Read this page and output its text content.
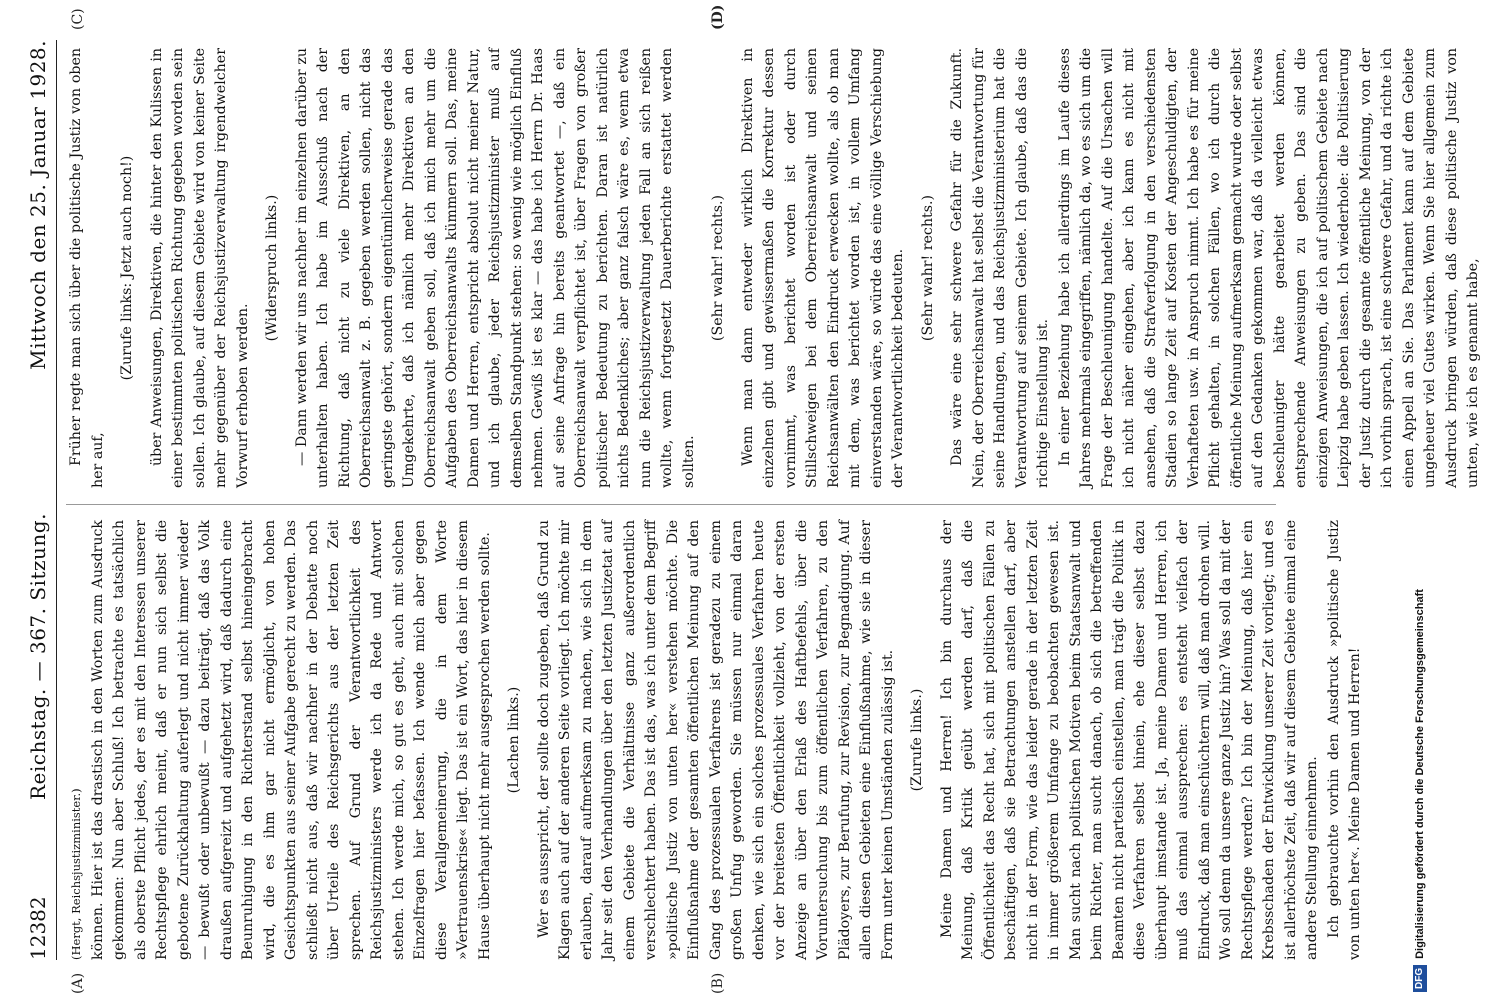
12382
Reichstag. — 367. Sitzung.
Mittwoch den 25. Januar 1928.
(A)	(B)
(C)	(D)

(Hergt, Reichsjustizminister.) können. Hier ist das drastisch in den Worten zum Ausdruck gekommen: Nun aber Schluß! Ich betrachte es tatsächlich als oberste Pflicht jedes, der es mit den Interessen unserer Rechtspflege ehrlich meint, daß er nun sich selbst die gebotene Zurückhaltung auferlegt und nicht immer wieder — bewußt oder unbewußt — dazu beiträgt, daß das Volk draußen aufgereizt und aufgehetzt wird, daß dadurch eine Beunruhigung in den Richterstand selbst hineingebracht wird, die es ihm gar nicht ermöglicht, von hohen Gesichtspunkten aus seiner Aufgabe gerecht zu werden. Das schließt nicht aus, daß wir nachher in der Debatte noch über Urteile des Reichsgerichts aus der letzten Zeit sprechen. Auf Grund der Verantwortlichkeit des Reichsjustizministers werde ich da Rede und Antwort stehen. Ich werde mich, so gut es geht, auch mit solchen Einzelfragen hier befassen. Ich wende mich aber gegen diese Verallgemeinerung, die in dem Worte »Vertrauenskrise« liegt. Das ist ein Wort, das hier in diesem Hause überhaupt nicht mehr ausgesprochen werden sollte. (Lachen links.) Wer es ausspricht, der sollte doch zugeben, daß Grund zu Klagen auch auf der anderen Seite vorliegt. Ich möchte mir erlauben, darauf aufmerksam zu machen, wie sich in dem Jahr seit den Verhandlungen über den letzten Justizetat auf einem Gebiete die Verhältnisse ganz außerordentlich verschlechtert haben. Das ist das, was ich unter dem Begriff »politische Justiz von unten her« verstehen möchte. Die Einflußnahme der gesamten öffentlichen Meinung auf den Gang des prozessualen Verfahrens ist geradezu zu einem großen Unfug geworden. Sie müssen nur einmal daran denken, wie sich ein solches prozessuales Verfahren heute vor der breitesten Öffentlichkeit vollzieht, von der ersten Anzeige an über den Erlaß des Haftbefehls, über die Voruntersuchung bis zum öffentlichen Verfahren, zu den Plädoyers, zur Berufung, zur Revision, zur Begnadigung. Auf allen diesen Gebieten eine Einflußnahme, wie sie in dieser Form unter keinen Umständen zulässig ist. (Zurufe links.) Meine Damen und Herren! Ich bin durchaus der Meinung, daß Kritik geübt werden darf, daß die Öffentlichkeit das Recht hat, sich mit politischen Fällen zu beschäftigen, daß sie Betrachtungen anstellen darf, aber nicht in der Form, wie das leider gerade in der letzten Zeit in immer größerem Umfange zu beobachten gewesen ist. Man sucht nach politischen Motiven beim Staatsanwalt und beim Richter, man sucht danach, ob sich die betreffenden Beamten nicht parteiisch einstellen, man trägt die Politik in diese Verfahren selbst hinein, ehe dieser selbst dazu überhaupt imstande ist. Ja, meine Damen und Herren, ich muß das einmal aussprechen: es entsteht vielfach der Eindruck, daß man einschüchtern will, daß man drohen will. Wo soll denn da unsere ganze Justiz hin? Was soll da mit der Rechtspflege werden? Ich bin der Meinung, daß hier ein Krebsschaden der Entwicklung unserer Zeit vorliegt; und es ist allerhöchste Zeit, daß wir auf diesem Gebiete einmal eine andere Stellung einnehmen. Ich gebrauchte vorhin den Ausdruck »politische Justiz von unten her«. Meine Damen und Herren!

Früher regte man sich über die politische Justiz von oben her auf,

(Zurufe links: Jetzt auch noch!) über Anweisungen, Direktiven, die hinter den Kulissen in einer bestimmten politischen Richtung gegeben worden sein sollen. Ich glaube, auf diesem Gebiete wird von keiner Seite mehr gegenüber der Reichsjustizverwaltung irgendwelcher Vorwurf erhoben werden.

(Widerspruch links.) — Dann werden wir uns nachher im einzelnen darüber zu unterhalten haben. Ich habe im Ausschuß nach der Richtung, daß nicht zu viele Direktiven, an den Oberreichsanwalt z. B. gegeben werden sollen, nicht das geringste gehört, sondern eigentümlicherweise gerade das Umgekehrte, daß ich nämlich mehr Direktiven an den Oberreichsanwalt geben soll, daß ich mich mehr um die Aufgaben des Oberreichsanwalts kümmern soll. Das, meine Damen und Herren, entspricht absolut nicht meiner Natur, und ich glaube, jeder Reichsjustizminister muß auf demselben Standpunkt stehen: so wenig wie möglich Einfluß nehmen. Gewiß ist es klar — das habe ich Herrn Dr. Haas auf seine Anfrage hin bereits geantwortet —, daß ein Oberreichsanwalt verpflichtet ist, über Fragen von großer politischer Bedeutung zu berichten. Daran ist natürlich nichts Bedenkliches; aber ganz falsch wäre es, wenn etwa nun die Reichsjustizverwaltung jeden Fall an sich reißen wollte, wenn fortgesetzt Dauerberichte erstattet werden sollten.

(Sehr wahr! rechts.) Wenn man dann entweder wirklich Direktiven in einzelnen gibt und gewissermaßen die Korrektur dessen vornimmt, was berichtet worden ist oder durch Stillschweigen bei dem Oberreichsanwalt und seinen Reichsanwälten den Eindruck erwecken wollte, als ob man mit dem, was berichtet worden ist, in vollem Umfang einverstanden wäre, so würde das eine völlige Verschiebung der Verantwortlichkeit bedeuten. (Sehr wahr! rechts.) Das wäre eine sehr schwere Gefahr für die Zukunft. Nein, der Oberreichsanwalt hat selbst die Verantwortung für seine Handlungen, und das Reichsjustizministerium hat die Verantwortung auf seinem Gebiete. Ich glaube, daß das die richtige Einstellung ist. In einer Beziehung habe ich allerdings im Laufe dieses Jahres mehrmals eingegriffen, nämlich da, wo es sich um die Frage der Beschleunigung handelte. Auf die Ursachen will ich nicht näher eingehen, aber ich kann es nicht mit ansehen, daß die Strafverfolgung in den verschiedensten Stadien so lange Zeit auf Kosten der Angeschuldigten, der Verhafteten usw. in Anspruch nimmt. Ich habe es für meine Pflicht gehalten, in solchen Fällen, wo ich durch die öffentliche Meinung aufmerksam gemacht wurde oder selbst auf den Gedanken gekommen war, daß da vielleicht etwas beschleunigter hätte gearbeitet werden können, entsprechende Anweisungen zu geben. Das sind die einzigen Anweisungen, die ich auf politischem Gebiete nach Leipzig habe geben lassen. Ich wiederhole: die Politisierung der Justiz durch die gesamte öffentliche Meinung, von der ich vorhin sprach, ist eine schwere Gefahr, und da richte ich einen Appell an Sie. Das Parlament kann auf dem Gebiete ungeheuer viel Gutes wirken. Wenn Sie hier allgemein zum Ausdruck bringen würden, daß diese politische Justiz von unten, wie ich es genannt habe,

DFGDigitalisierung gefördert durch die Deutsche Forschungsgemeinschaft
